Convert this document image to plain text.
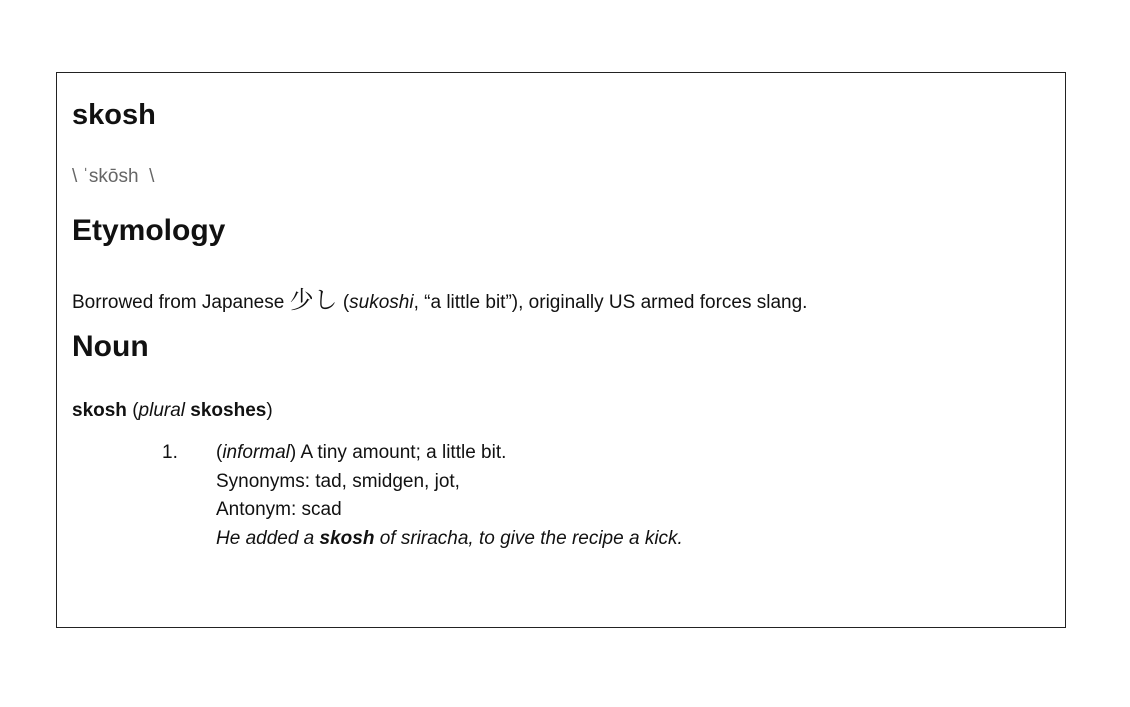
skosh
\ ˈskōsh  \
Etymology
Borrowed from Japanese 少し (sukoshi, “a little bit”), originally US armed forces slang.
Noun
skosh (plural skoshes)
1. (informal) A tiny amount; a little bit.
Synonyms: tad, smidgen, jot,
Antonym: scad
He added a skosh of sriracha, to give the recipe a kick.
